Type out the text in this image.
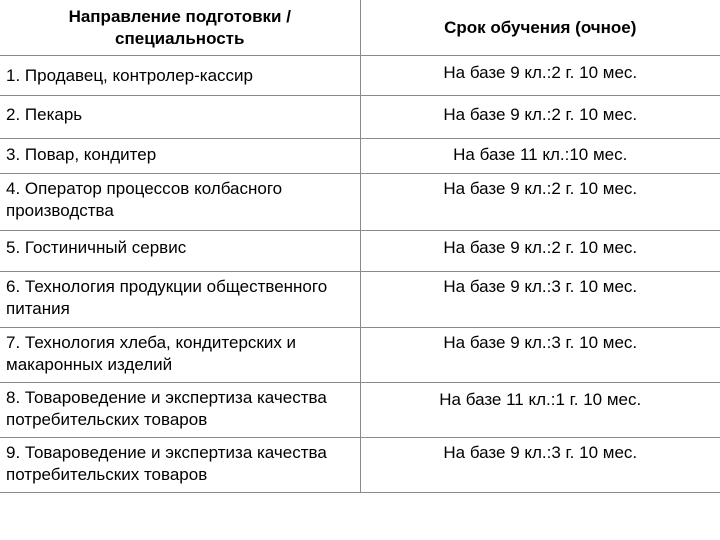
Направление подготовки / специальность	Срок обучения (очное)
1. Продавец, контролер-кассир	На базе 9 кл.:2 г. 10 мес.
2. Пекарь	На базе 9 кл.:2 г. 10 мес.
3. Повар, кондитер	На базе 11 кл.:10 мес.
4. Оператор процессов колбасного производства	На базе 9 кл.:2 г. 10 мес.
5. Гостиничный сервис	На базе 9 кл.:2 г. 10 мес.
6. Технология продукции общественного питания	На базе 9 кл.:3 г. 10 мес.
7. Технология хлеба, кондитерских и макаронных изделий	На базе 9 кл.:3 г. 10 мес.
8. Товароведение и экспертиза качества потребительских товаров	На базе 11 кл.:1 г. 10 мес.
9. Товароведение и экспертиза качества потребительских товаров	На базе 9 кл.:3 г. 10 мес.
